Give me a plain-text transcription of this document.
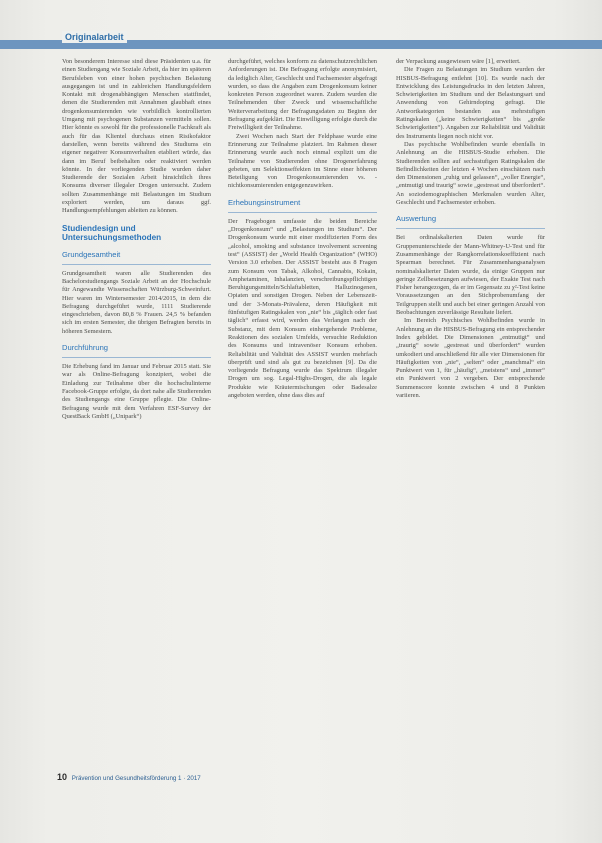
Originalarbeit

Von besonderem Interesse sind diese Präsidenten u.a. für einen Studiengang wie Soziale Arbeit, da hier im späteren Berufsleben von einer hohen psychischen Belastung ausgegangen ist und in zahlreichen Handlungsfeldern Kontakt mit drogenabhängigen Menschen stattfindet, denen die Studierenden mit Annahmen glaubhaft eines drogenkonsumierenden wie vorbildlich kontrollierten Umgang mit psychogenen Substanzen vermitteln sollen. Hier könnte es sowohl für die professionelle Fachkraft als auch für das Klientel durchaus einen Risikofaktor darstellen, wenn bereits während des Studiums ein eigener negativer Konsumverhalten etabliert würde, das dann im Beruf beibehalten oder reaktiviert werden könnte. In der vorliegenden Studie wurden daher Studierende der Sozialen Arbeit hinsichtlich ihres Konsums diverser illegaler Drogen untersucht. Zudem sollten Zusammenhänge mit Belastungen im Studium exploriert werden, um daraus ggf. Handlungsempfehlungen ableiten zu können.

Studiendesign und Untersuchungsmethoden
Grundgesamtheit

Grundgesamtheit waren alle Studierenden des Bachelorstudiengangs Soziale Arbeit an der Hochschule für Angewandte Wissenschaften Würzburg-Schweinfurt. Hier waren im Wintersemester 2014/2015, in dem die Befragung durchgeführt wurde, 1111 Studierende eingeschrieben, davon 80,8 % Frauen. 24,5 % befanden sich im ersten Semester, die übrigen Befragten bereits in höheren Semestern.

Durchführung

Die Erhebung fand im Januar und Februar 2015 statt. Sie war als Online-Befragung konzipiert, wobei die Einladung zur Teilnahme über die hochschulinterne Facebook-Gruppe erfolgte, da dort nahe alle Studierenden des Studiengangs eine Gruppe pflegte. Die Online-Befragung wurde mit dem Verfahren ESF-Survey der QuestBack GmbH („Unipark“)

durchgeführt, welches konform zu datenschutzrechtlichen Anforderungen ist. Die Befragung erfolgte anonymisiert, da lediglich Alter, Geschlecht und Fachsemester abgefragt wurden, so dass die Angaben zum Drogenkonsum keiner konkreten Person zugeordnet waren. Zudem wurden die Teilnehmenden über Zweck und wissenschaftliche Weiterverarbeitung der Befragungsdaten zu Beginn der Befragung aufgeklärt. Die Einwilligung erfolgte durch die Freiwilligkeit der Teilnahme.

Zwei Wochen nach Start der Feldphase wurde eine Erinnerung zur Teilnahme platziert. Im Rahmen dieser Erinnerung wurde auch noch einmal explizit um die Teilnahme von Studierenden ohne Drogenerfahrung gebeten, um Selektionseffekten im Sinne einer höheren Beteiligung von Drogenkonsumierenden vs. -nichtkonsumierenden entgegenzuwirken.

Erhebungsinstrument

Der Fragebogen umfasste die beiden Bereiche „Drogenkonsum“ und „Belastungen im Studium“. Der Drogenkonsum wurde mit einer modifizierten Form des „alcohol, smoking and substance involvement screening test“ (ASSIST) der „World Health Organization“ (WHO) Version 3.0 erhoben. Der ASSIST besteht aus 8 Fragen zum Konsum von Tabak, Alkohol, Cannabis, Kokain, Amphetaminen, Inhalanzien, verschreibungspflichtigen Beruhigungsmitteln/Schlaftabletten, Halluzinogenen, Opiaten und sonstigen Drogen. Neben der Lebenszeit- und der 3-Monats-Prävalenz, deren Häufigkeit mit fünfstufigen Ratingskalen von „nie“ bis „täglich oder fast täglich“ erfasst wird, werden das Verlangen nach der Substanz, mit dem Konsum einhergehende Probleme, Reaktionen des sozialen Umfelds, versuchte Reduktion des Konsums und intravenöser Konsum erhoben. Reliabilität und Validität des ASSIST wurden mehrfach überprüft und sind als gut zu bezeichnen [9]. Da die vorliegende Befragung wurde das Spektrum illegaler Drogen um sog. Legal-Highs-Drogen, die als legale Produkte wie Kräutermischungen oder Badesalze angeboten werden, ohne dass dies auf

der Verpackung ausgewiesen wäre [1], erweitert.

Die Fragen zu Belastungen im Studium wurden der HISBUS-Befragung entlehnt [10]. Es wurde nach der Entwicklung des Leistungsdrucks in den letzten Jahren, Schwierigkeiten im Studium und der Belastungsart und Anwendung von Gehirndoping gefragt. Die Antwortkategorien bestanden aus mehrstufigen Ratingskalen („keine Schwierigkeiten“ bis „große Schwierigkeiten“). Angaben zur Reliabilität und Validität des Instruments liegen noch nicht vor.

Das psychische Wohlbefinden wurde ebenfalls in Anlehnung an die HISBUS-Studie erhoben. Die Studierenden sollten auf sechsstufigen Ratingskalen die Befindlichkeiten der letzten 4 Wochen einschätzen nach den Dimensionen „ruhig und gelassen“, „voller Energie“, „entmutigt und traurig“ sowie „gestresst und überfordert“. An soziodemographischen Merkmalen wurden Alter, Geschlecht und Fachsemester erhoben.

Auswertung

Bei ordinalskalierten Daten wurde für Gruppenunterschiede der Mann-Whitney-U-Test und für Zusammenhänge der Rangkorrelationskoeffizient nach Spearman berechnet. Für Zusammenhangsanalysen nominalskalierter Daten wurde, da einige Gruppen nur geringe Zellbesetzungen aufwiesen, der Exakte Test nach Fisher herangezogen, da er im Gegensatz zu χ²-Test keine Voraussetzungen an den Stichprobenumfang der Teilgruppen stellt und auch bei einer geringen Anzahl von Beobachtungen zuverlässige Resultate liefert.

Im Bereich Psychisches Wohlbefinden wurde in Anlehnung an die HISBUS-Befragung ein entsprechender Index gebildet. Die Dimensionen „entmutigt“ und „traurig“ sowie „gestresst und überfordert“ wurden umkodiert und anschließend für alle vier Dimensionen für Häufigkeiten von „nie“, „selten“ oder „manchmal“ ein Punktwert von 1, für „häufig“, „meistens“ und „immer“ ein Punktwert von 2 vergeben. Der entsprechende Summenscore konnte zwischen 4 und 8 Punkten variieren.

10 Prävention und Gesundheitsförderung 1 · 2017
